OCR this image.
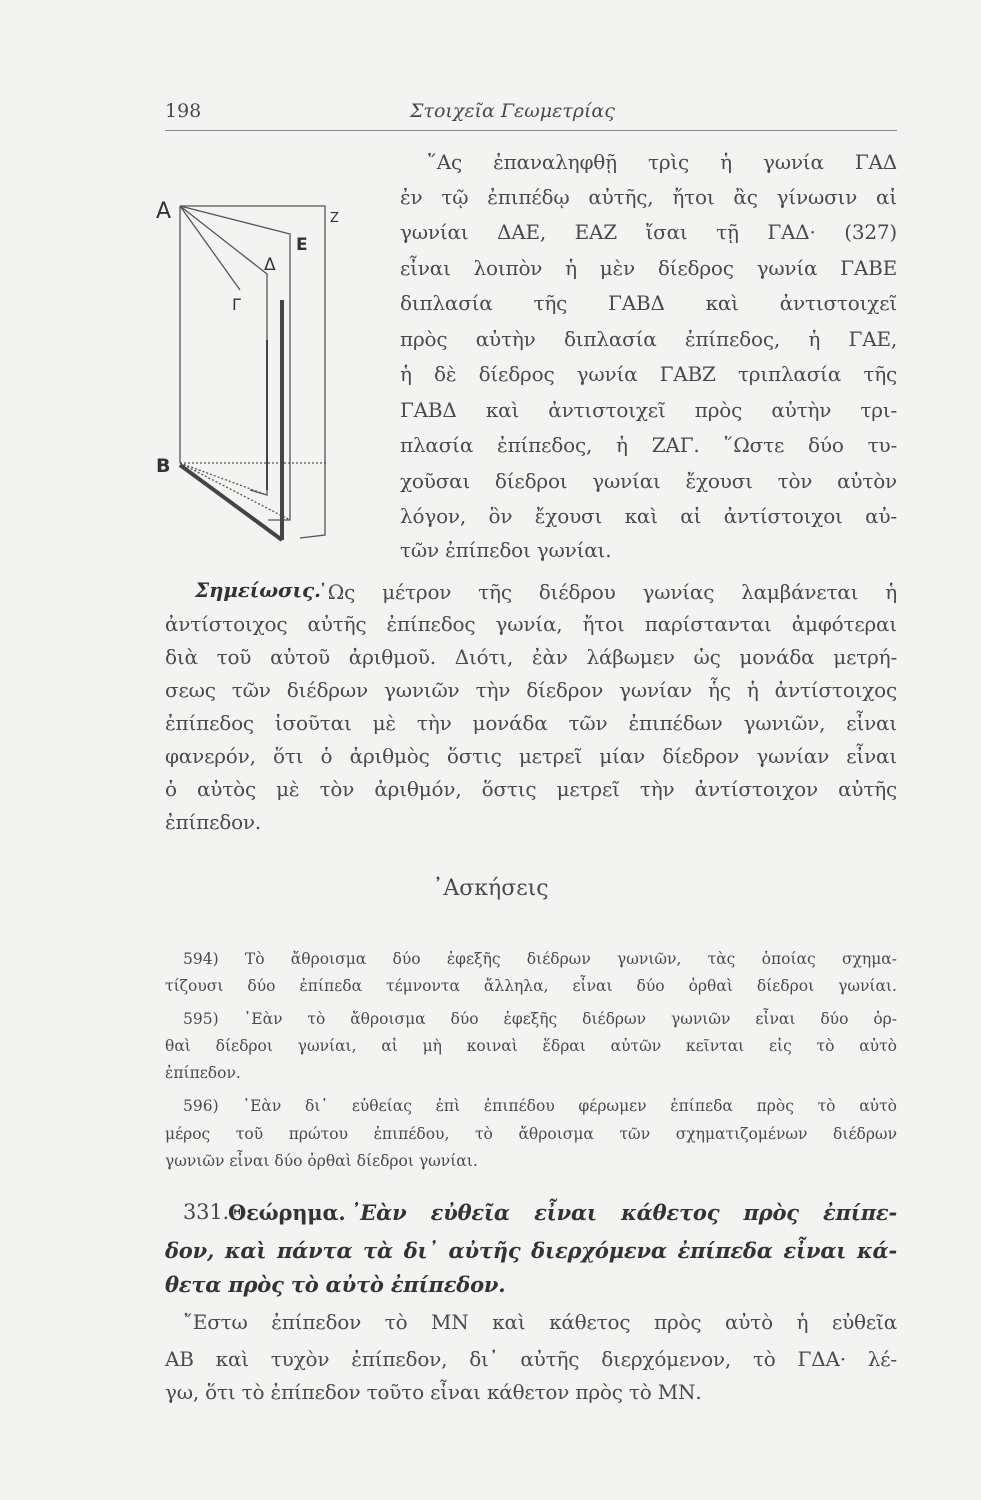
198	Στοιχεῖα Γεωμετρίας
A
B
Δ
E
Γ
Z
῞Ας ἐπαναληφθῇ τρὶς ἡ γωνία ΓΑΔ
ἐν τῷ ἐπιπέδῳ αὐτῆς, ἤτοι ἂς γίνωσιν αἱ
γωνίαι ΔΑΕ, ΕΑΖ ἴσαι τῇ ΓΑΔ· (327)
εἶναι λοιπὸν ἡ μὲν δίεδρος γωνία ΓΑΒΕ
διπλασία τῆς ΓΑΒΔ καὶ ἀντιστοιχεῖ
πρὸς αὐτὴν διπλασία ἐπίπεδος, ἡ ΓΑΕ,
ἡ δὲ δίεδρος γωνία ΓΑΒΖ τριπλασία τῆς
ΓΑΒΔ καὶ ἀντιστοιχεῖ πρὸς αὐτὴν τρι-
πλασία ἐπίπεδος, ἡ ΖΑΓ. ῞Ωστε δύο τυ-
χοῦσαι δίεδροι γωνίαι ἔχουσι τὸν αὐτὸν
λόγον, ὃν ἔχουσι καὶ αἱ ἀντίστοιχοι αὐ-
τῶν ἐπίπεδοι γωνίαι.
Σημείωσις.
῾Ως μέτρον τῆς διέδρου γωνίας λαμβάνεται ἡ
ἀντίστοιχος αὐτῆς ἐπίπεδος γωνία, ἤτοι παρίστανται ἀμφότεραι
διὰ τοῦ αὐτοῦ ἀριθμοῦ. Διότι, ἐὰν λάβωμεν ὡς μονάδα μετρή-
σεως τῶν διέδρων γωνιῶν τὴν δίεδρον γωνίαν ἧς ἡ ἀντίστοιχος
ἐπίπεδος ἰσοῦται μὲ τὴν μονάδα τῶν ἐπιπέδων γωνιῶν, εἶναι
φανερόν, ὅτι ὁ ἀριθμὸς ὅστις μετρεῖ μίαν δίεδρον γωνίαν εἶναι
ὁ αὐτὸς μὲ τὸν ἀριθμόν, ὅστις μετρεῖ τὴν ἀντίστοιχον αὐτῆς
ἐπίπεδον.
᾿Ασκήσεις
594) Τὸ ἄθροισμα δύο ἐφεξῆς διέδρων γωνιῶν, τὰς ὁποίας σχημα-
τίζουσι δύο ἐπίπεδα τέμνοντα ἄλληλα, εἶναι δύο ὀρθαὶ δίεδροι γωνίαι.
595) ᾿Εὰν τὸ ἄθροισμα δύο ἐφεξῆς διέδρων γωνιῶν εἶναι δύο ὀρ-
θαὶ δίεδροι γωνίαι, αἱ μὴ κοιναὶ ἕδραι αὐτῶν κεῖνται εἰς τὸ αὐτὸ
ἐπίπεδον.
596) ᾿Εὰν δι᾿ εὐθείας ἐπὶ ἐπιπέδου φέρωμεν ἐπίπεδα πρὸς τὸ αὐτὸ
μέρος τοῦ πρώτου ἐπιπέδου, τὸ ἄθροισμα τῶν σχηματιζομένων διέδρων
γωνιῶν εἶναι δύο ὀρθαὶ δίεδροι γωνίαι.
331. Θεώρημα. ᾿Εὰν εὐθεῖα εἶναι κάθετος πρὸς ἐπίπε-
δον, καὶ πάντα τὰ δι᾿ αὐτῆς διερχόμενα ἐπίπεδα εἶναι κά-
θετα πρὸς τὸ αὐτὸ ἐπίπεδον.
῎Εστω ἐπίπεδον τὸ ΜΝ καὶ κάθετος πρὸς αὐτὸ ἡ εὐθεῖα
ΑΒ καὶ τυχὸν ἐπίπεδον, δι᾿ αὐτῆς διερχόμενον, τὸ ΓΔΑ· λέ-
γω, ὅτι τὸ ἐπίπεδον τοῦτο εἶναι κάθετον πρὸς τὸ ΜΝ.
